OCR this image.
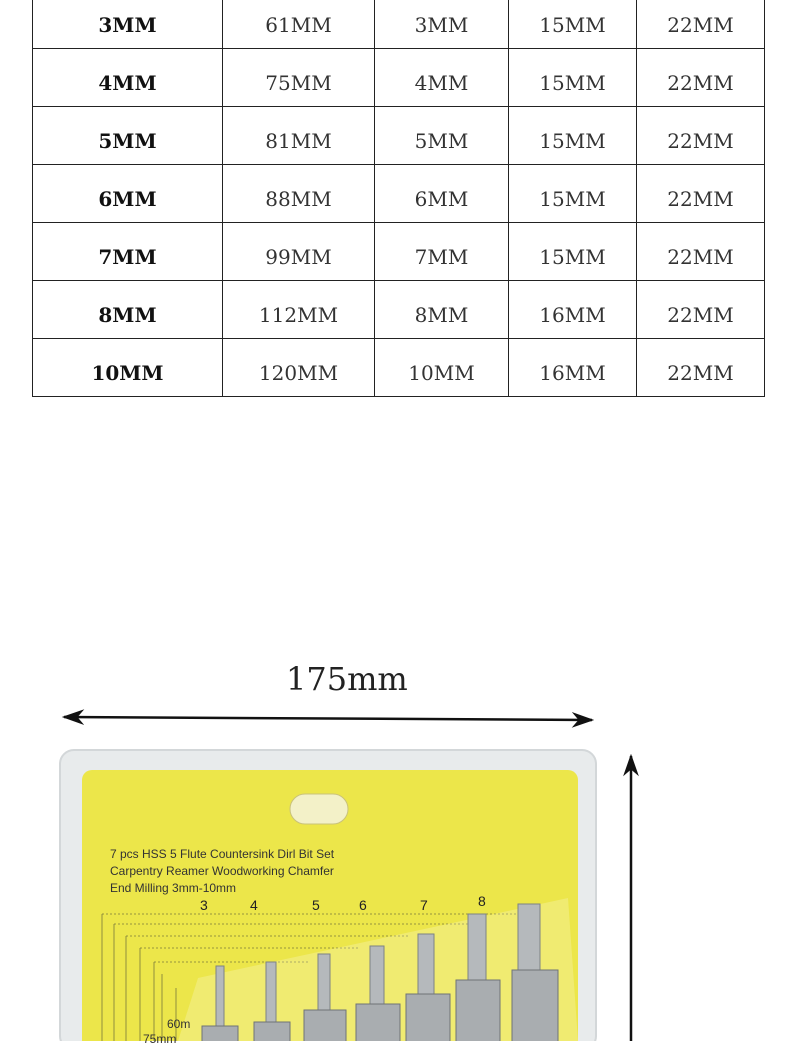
3MM	61MM	3MM	15MM	22MM
4MM	75MM	4MM	15MM	22MM
5MM	81MM	5MM	15MM	22MM
6MM	88MM	6MM	15MM	22MM
7MM	99MM	7MM	15MM	22MM
8MM	112MM	8MM	16MM	22MM
10MM	120MM	10MM	16MM	22MM
175mm
7 pcs HSS 5 Flute Countersink Dirl Bit Set
Carpentry Reamer Woodworking Chamfer
End Milling 3mm-10mm
3	4	5	6	7	8
60m
75mm
